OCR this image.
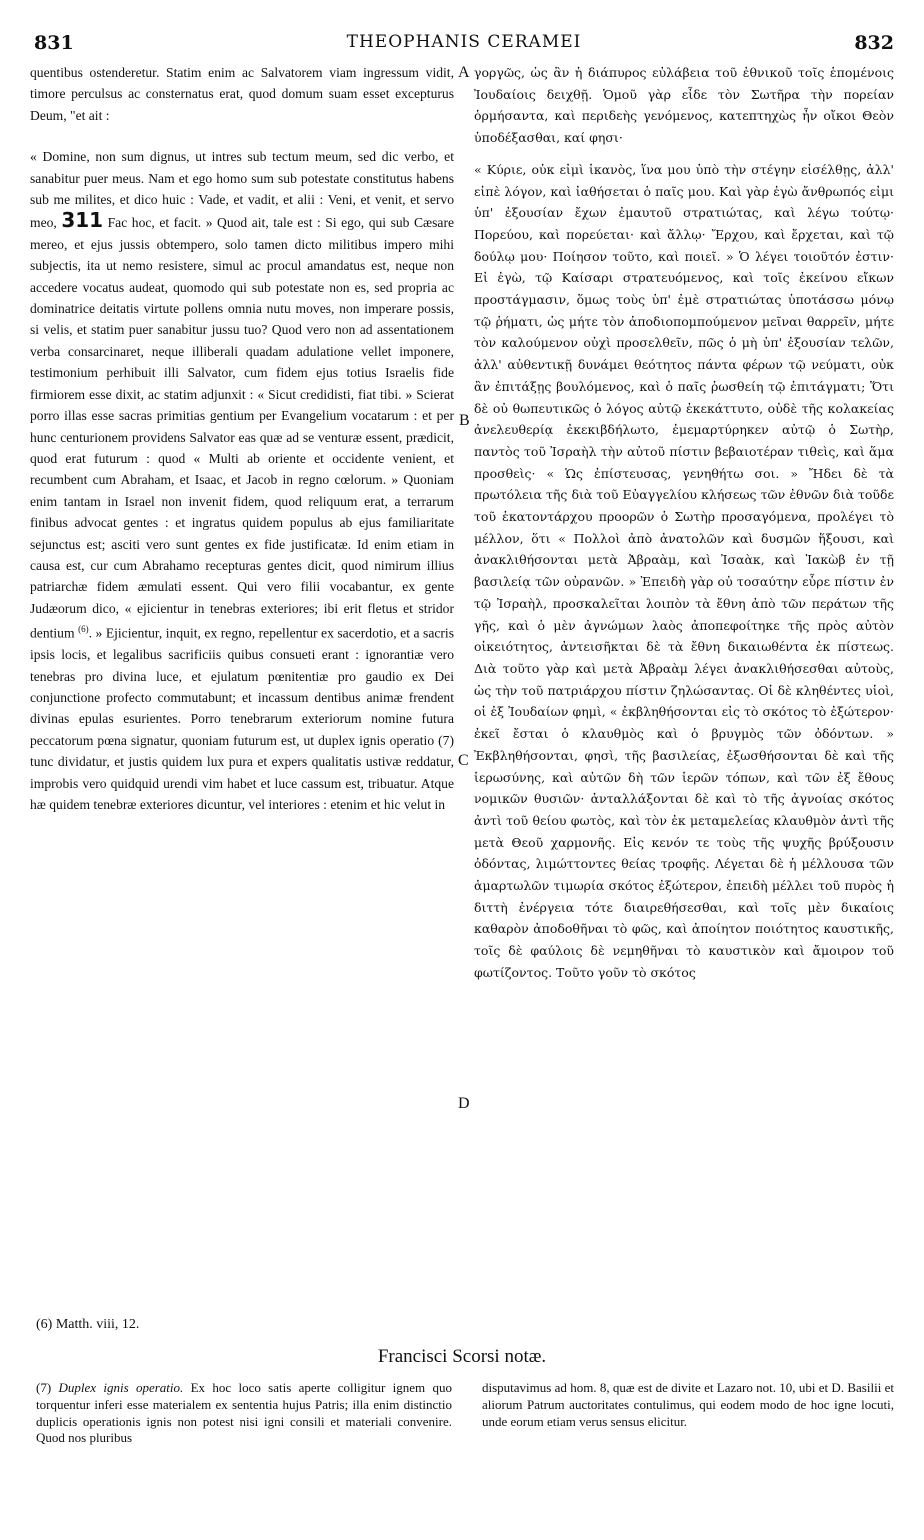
831	THEOPHANIS CERAMEI	832

quentibus ostenderetur. Statim enim ac Salvatorem viam ingressum vidit, timore perculsus ac consternatus erat, quod domum suam esset excepturus Deum, "et ait :

« Domine, non sum dignus, ut intres sub tectum meum, sed dic verbo, et sanabitur puer meus. Nam et ego homo sum sub potestate constitutus habens sub me milites, et dico huic : Vade, et vadit, et alii : Veni, et venit, et servo meo, 311 Fac hoc, et facit. » Quod ait, tale est : Si ego, qui sub Cæsare mereo, et ejus jussis obtempero, solo tamen dicto militibus impero mihi subjectis, ita ut nemo resistere, simul ac procul amandatus est, neque non accedere vocatus audeat, quomodo qui sub potestate non es, sed propria ac dominatrice deitatis virtute pollens omnia nutu moves, non imperare possis, si velis, et statim puer sanabitur jussu tuo? Quod vero non ad assentationem verba consarcinaret, neque illiberali quadam adulatione vellet imponere, testimonium perhibuit illi Salvator, cum fidem ejus totius Israelis fide firmiorem esse dixit, ac statim adjunxit : « Sicut credidisti, fiat tibi. » Scierat porro illas esse sacras primitias gentium per Evangelium vocatarum : et per hunc centurionem providens Salvator eas quæ ad se venturæ essent, prædicit, quod erat futurum : quod « Multi ab oriente et occidente venient, et recumbent cum Abraham, et Isaac, et Jacob in regno cœlorum. » Quoniam enim tantam in Israel non invenit fidem, quod reliquum erat, a terrarum finibus advocat gentes : et ingratus quidem populus ab ejus familiaritate sejunctus est; asciti vero sunt gentes ex fide justificatæ. Id enim etiam in causa est, cur cum Abrahamo recepturas gentes dicit, quod nimirum illius patriarchæ fidem æmulati essent. Qui vero filii vocabantur, ex gente Judæorum dico, « ejicientur in tenebras exteriores; ibi erit fletus et stridor dentium $^{(6)}$. » Ejicientur, inquit, ex regno, repellentur ex sacerdotio, et a sacris ipsis locis, et legalibus sacrificiis quibus consueti erant : ignorantiæ vero tenebras pro divina luce, et ejulatum pœnitentiæ pro gaudio ex Dei conjunctione profecto commutabunt; et incassum dentibus animæ frendent divinas epulas esurientes. Porro tenebrarum exteriorum nomine futura peccatorum pœna signatur, quoniam futurum est, ut duplex ignis operatio (7) tunc dividatur, et justis quidem lux pura et expers qualitatis ustivæ reddatur, improbis vero quidquid urendi vim habet et luce cassum est, tribuatur. Atque hæ quidem tenebræ exteriores dicuntur, vel interiores : etenim et hic velut in

A
B
C
D

γοργῶς, ὡς ἂν ἡ διάπυρος εὐλάβεια τοῦ ἐθνικοῦ τοῖς ἑπομένοις Ἰουδαίοις δειχθῇ. Ὁμοῦ γὰρ εἶδε τὸν Σωτῆρα τὴν πορείαν ὁρμήσαντα, καὶ περιδεὴς γενόμενος, κατεπτηχὼς ἦν οἴκοι Θεὸν ὑποδέξασθαι, καί φησι·

« Κύριε, οὐκ εἰμὶ ἱκανὸς, ἵνα μου ὑπὸ τὴν στέγην εἰσέλθῃς, ἀλλ' εἰπὲ λόγον, καὶ ἰαθήσεται ὁ παῖς μου. Καὶ γὰρ ἐγὼ ἄνθρωπός εἰμι ὑπ' ἐξουσίαν ἔχων ἐμαυτοῦ στρατιώτας, καὶ λέγω τούτῳ· Πορεύου, καὶ πορεύεται· καὶ ἄλλῳ· Ἔρχου, καὶ ἔρχεται, καὶ τῷ δούλῳ μου· Ποίησον τοῦτο, καὶ ποιεῖ. » Ὁ λέγει τοιοῦτόν ἐστιν· Εἰ ἐγὼ, τῷ Καίσαρι στρατευόμενος, καὶ τοῖς ἐκείνου εἴκων προστάγμασιν, ὅμως τοὺς ὑπ' ἐμὲ στρατιώτας ὑποτάσσω μόνῳ τῷ ῥήματι, ὡς μήτε τὸν ἀποδιοπομπούμενον μεῖναι θαρρεῖν, μήτε τὸν καλούμενον οὐχὶ προσελθεῖν, πῶς ὁ μὴ ὑπ' ἐξουσίαν τελῶν, ἀλλ' αὐθεντικῇ δυνάμει θεότητος πάντα φέρων τῷ νεύματι, οὐκ ἂν ἐπιτάξῃς βουλόμενος, καὶ ὁ παῖς ῥωσθείη τῷ ἐπιτάγματι; Ὅτι δὲ οὐ θωπευτικῶς ὁ λόγος αὐτῷ ἐκεκάττυτο, οὐδὲ τῆς κολακείας ἀνελευθερίᾳ ἐκεκιβδήλωτο, ἐμεμαρτύρηκεν αὐτῷ ὁ Σωτὴρ, παντὸς τοῦ Ἰσραὴλ τὴν αὐτοῦ πίστιν βεβαιοτέραν τιθεὶς, καὶ ἅμα προσθεὶς· « Ὡς ἐπίστευσας, γενηθήτω σοι. » Ἤδει δὲ τὰ πρωτόλεια τῆς διὰ τοῦ Εὐαγγελίου κλήσεως τῶν ἐθνῶν διὰ τοῦδε τοῦ ἑκατοντάρχου προορῶν ὁ Σωτὴρ προσαγόμενα, προλέγει τὸ μέλλον, ὅτι « Πολλοὶ ἀπὸ ἀνατολῶν καὶ δυσμῶν ἥξουσι, καὶ ἀνακλιθήσονται μετὰ Ἀβραὰμ, καὶ Ἰσαὰκ, καὶ Ἰακὼβ ἐν τῇ βασιλείᾳ τῶν οὐρανῶν. » Ἐπειδὴ γὰρ οὐ τοσαύτην εὗρε πίστιν ἐν τῷ Ἰσραὴλ, προσκαλεῖται λοιπὸν τὰ ἔθνη ἀπὸ τῶν περάτων τῆς γῆς, καὶ ὁ μὲν ἀγνώμων λαὸς ἀποπεφοίτηκε τῆς πρὸς αὐτὸν οἰκειότητος, ἀντεισῆκται δὲ τὰ ἔθνη δικαιωθέντα ἐκ πίστεως. Διὰ τοῦτο γὰρ καὶ μετὰ Ἀβραὰμ λέγει ἀνακλιθήσεσθαι αὐτοὺς, ὡς τὴν τοῦ πατριάρχου πίστιν ζηλώσαντας. Οἱ δὲ κληθέντες υἱοὶ, οἱ ἐξ Ἰουδαίων φημὶ, « ἐκβληθήσονται εἰς τὸ σκότος τὸ ἐξώτερον· ἐκεῖ ἔσται ὁ κλαυθμὸς καὶ ὁ βρυγμὸς τῶν ὀδόντων. » Ἐκβληθήσονται, φησὶ, τῆς βασιλείας, ἐξωσθήσονται δὲ καὶ τῆς ἱερωσύνης, καὶ αὐτῶν δὴ τῶν ἱερῶν τόπων, καὶ τῶν ἐξ ἔθους νομικῶν θυσιῶν· ἀνταλλάξονται δὲ καὶ τὸ τῆς ἀγνοίας σκότος ἀντὶ τοῦ θείου φωτὸς, καὶ τὸν ἐκ μεταμελείας κλαυθμὸν ἀντὶ τῆς μετὰ Θεοῦ χαρμονῆς. Εἰς κενόν τε τοὺς τῆς ψυχῆς βρύξουσιν ὀδόντας, λιμώττοντες θείας τροφῆς. Λέγεται δὲ ἡ μέλλουσα τῶν ἁμαρτωλῶν τιμωρία σκότος ἐξώτερον, ἐπειδὴ μέλλει τοῦ πυρὸς ἡ διττὴ ἐνέργεια τότε διαιρεθήσεσθαι, καὶ τοῖς μὲν δικαίοις καθαρὸν ἀποδοθῆναι τὸ φῶς, καὶ ἀποίητον ποιότητος καυστικῆς, τοῖς δὲ φαύλοις δὲ νεμηθῆναι τὸ καυστικὸν καὶ ἄμοιρον τοῦ φωτίζοντος. Τοῦτο γοῦν τὸ σκότος

(6) Matth. viii, 12.
Francisci Scorsi notæ.

(7) Duplex ignis operatio. Ex hoc loco satis aperte colligitur ignem quo torquentur inferi esse materialem ex sententia hujus Patris; illa enim distinctio duplicis operationis ignis non potest nisi igni consili et materiali convenire. Quod nos pluribus

disputavimus ad hom. 8, quæ est de divite et Lazaro not. 10, ubi et D. Basilii et aliorum Patrum auctoritates contulimus, qui eodem modo de hoc igne locuti, unde eorum etiam verus sensus elicitur.
